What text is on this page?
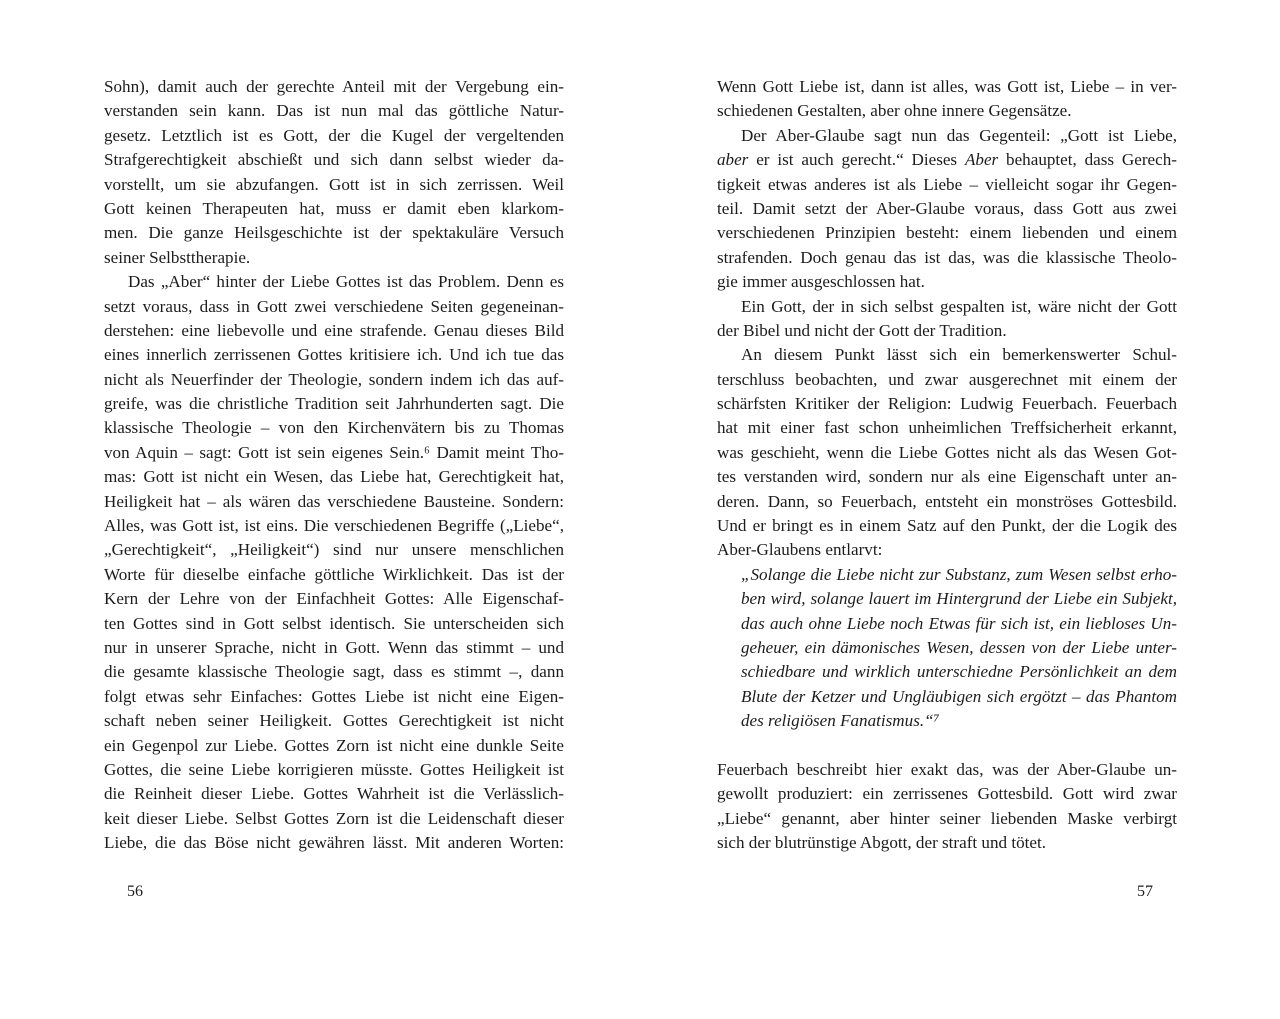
Sohn), damit auch der gerechte Anteil mit der Vergebung ein-
verstanden sein kann. Das ist nun mal das göttliche Natur-
gesetz. Letztlich ist es Gott, der die Kugel der vergeltenden
Strafgerechtigkeit abschießt und sich dann selbst wieder da-
vorstellt, um sie abzufangen. Gott ist in sich zerrissen. Weil
Gott keinen Therapeuten hat, muss er damit eben klarkom-
men. Die ganze Heilsgeschichte ist der spektakuläre Versuch
seiner Selbsttherapie.
Das „Aber“ hinter der Liebe Gottes ist das Problem. Denn es
setzt voraus, dass in Gott zwei verschiedene Seiten gegeneinan-
derstehen: eine liebevolle und eine strafende. Genau dieses Bild
eines innerlich zerrissenen Gottes kritisiere ich. Und ich tue das
nicht als Neuerfinder der Theologie, sondern indem ich das auf-
greife, was die christliche Tradition seit Jahrhunderten sagt. Die
klassische Theologie – von den Kirchenvätern bis zu Thomas
von Aquin – sagt: Gott ist sein eigenes Sein.⁶ Damit meint Tho-
mas: Gott ist nicht ein Wesen, das Liebe hat, Gerechtigkeit hat,
Heiligkeit hat – als wären das verschiedene Bausteine. Sondern:
Alles, was Gott ist, ist eins. Die verschiedenen Begriffe („Liebe“,
„Gerechtigkeit“, „Heiligkeit“) sind nur unsere menschlichen
Worte für dieselbe einfache göttliche Wirklichkeit. Das ist der
Kern der Lehre von der Einfachheit Gottes: Alle Eigenschaf-
ten Gottes sind in Gott selbst identisch. Sie unterscheiden sich
nur in unserer Sprache, nicht in Gott. Wenn das stimmt – und
die gesamte klassische Theologie sagt, dass es stimmt –, dann
folgt etwas sehr Einfaches: Gottes Liebe ist nicht eine Eigen-
schaft neben seiner Heiligkeit. Gottes Gerechtigkeit ist nicht
ein Gegenpol zur Liebe. Gottes Zorn ist nicht eine dunkle Seite
Gottes, die seine Liebe korrigieren müsste. Gottes Heiligkeit ist
die Reinheit dieser Liebe. Gottes Wahrheit ist die Verlässlich-
keit dieser Liebe. Selbst Gottes Zorn ist die Leidenschaft dieser
Liebe, die das Böse nicht gewähren lässt. Mit anderen Worten:
56
Wenn Gott Liebe ist, dann ist alles, was Gott ist, Liebe – in ver-
schiedenen Gestalten, aber ohne innere Gegensätze.
Der Aber-Glaube sagt nun das Gegenteil: „Gott ist Liebe,
aber er ist auch gerecht.“ Dieses Aber behauptet, dass Gerech-
tigkeit etwas anderes ist als Liebe – vielleicht sogar ihr Gegen-
teil. Damit setzt der Aber-Glaube voraus, dass Gott aus zwei
verschiedenen Prinzipien besteht: einem liebenden und einem
strafenden. Doch genau das ist das, was die klassische Theolo-
gie immer ausgeschlossen hat.
Ein Gott, der in sich selbst gespalten ist, wäre nicht der Gott
der Bibel und nicht der Gott der Tradition.
An diesem Punkt lässt sich ein bemerkenswerter Schul-
terschluss beobachten, und zwar ausgerechnet mit einem der
schärfsten Kritiker der Religion: Ludwig Feuerbach. Feuerbach
hat mit einer fast schon unheimlichen Treffsicherheit erkannt,
was geschieht, wenn die Liebe Gottes nicht als das Wesen Got-
tes verstanden wird, sondern nur als eine Eigenschaft unter an-
deren. Dann, so Feuerbach, entsteht ein monströses Gottesbild.
Und er bringt es in einem Satz auf den Punkt, der die Logik des
Aber-Glaubens entlarvt:
„Solange die Liebe nicht zur Substanz, zum Wesen selbst erho-
ben wird, solange lauert im Hintergrund der Liebe ein Subjekt,
das auch ohne Liebe noch Etwas für sich ist, ein liebloses Un-
geheuer, ein dämonisches Wesen, dessen von der Liebe unter-
schiedbare und wirklich unterschiedne Persönlichkeit an dem
Blute der Ketzer und Ungläubigen sich ergötzt – das Phantom
des religiösen Fanatismus.“⁷
Feuerbach beschreibt hier exakt das, was der Aber-Glaube un-
gewollt produziert: ein zerrissenes Gottesbild. Gott wird zwar
„Liebe“ genannt, aber hinter seiner liebenden Maske verbirgt
sich der blutrünstige Abgott, der straft und tötet.
57
